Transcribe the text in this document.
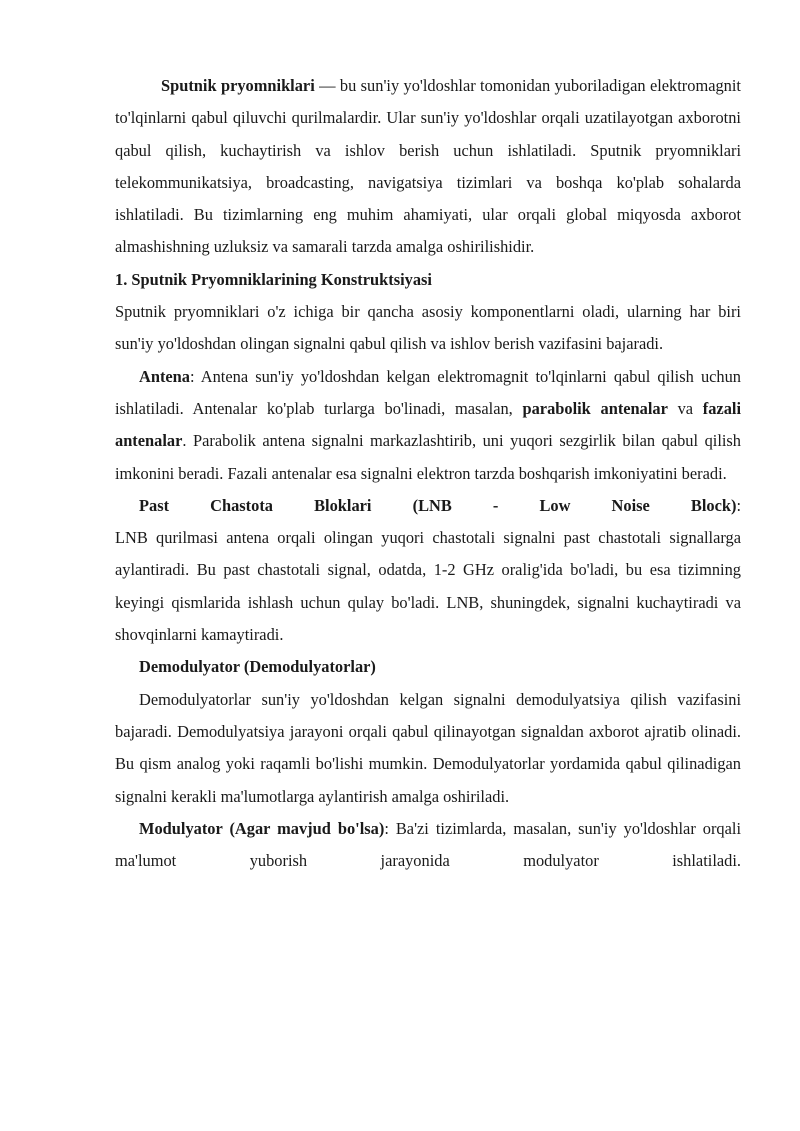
Sputnik pryomniklari — bu sun'iy yo'ldoshlar tomonidan yuboriladigan elektromagnit to'lqinlarni qabul qiluvchi qurilmalardir. Ular sun'iy yo'ldoshlar orqali uzatilayotgan axborotni qabul qilish, kuchaytirish va ishlov berish uchun ishlatiladi. Sputnik pryomniklari telekommunikatsiya, broadcasting, navigatsiya tizimlari va boshqa ko'plab sohalarda ishlatiladi. Bu tizimlarning eng muhim ahamiyati, ular orqali global miqyosda axborot almashishning uzluksiz va samarali tarzda amalga oshirilishidir.

1. Sputnik Pryomniklarining Konstruktsiyasi

Sputnik pryomniklari o'z ichiga bir qancha asosiy komponentlarni oladi, ularning har biri sun'iy yo'ldoshdan olingan signalni qabul qilish va ishlov berish vazifasini bajaradi.

Antena: Antena sun'iy yo'ldoshdan kelgan elektromagnit to'lqinlarni qabul qilish uchun ishlatiladi. Antenalar ko'plab turlarga bo'linadi, masalan, parabolik antenalar va fazali antenalar. Parabolik antena signalni markazlashtirib, uni yuqori sezgirlik bilan qabul qilish imkonini beradi. Fazali antenalar esa signalni elektron tarzda boshqarish imkoniyatini beradi.

Past	Chastota	Bloklari	(LNB	-	Low	Noise	Block):

LNB qurilmasi antena orqali olingan yuqori chastotali signalni past chastotali signallarga aylantiradi. Bu past chastotali signal, odatda, 1-2 GHz oralig'ida bo'ladi, bu esa tizimning keyingi qismlarida ishlash uchun qulay bo'ladi. LNB, shuningdek, signalni kuchaytiradi va shovqinlarni kamaytiradi.

Demodulyator (Demodulyatorlar)

Demodulyatorlar sun'iy yo'ldoshdan kelgan signalni demodulyatsiya qilish vazifasini bajaradi. Demodulyatsiya jarayoni orqali qabul qilinayotgan signaldan axborot ajratib olinadi. Bu qism analog yoki raqamli bo'lishi mumkin. Demodulyatorlar yordamida qabul qilinadigan signalni kerakli ma'lumotlarga aylantirish amalga oshiriladi.

Modulyator (Agar mavjud bo'lsa): Ba'zi tizimlarda, masalan, sun'iy yo'ldoshlar orqali ma'lumot yuborish jarayonida modulyator ishlatiladi.
